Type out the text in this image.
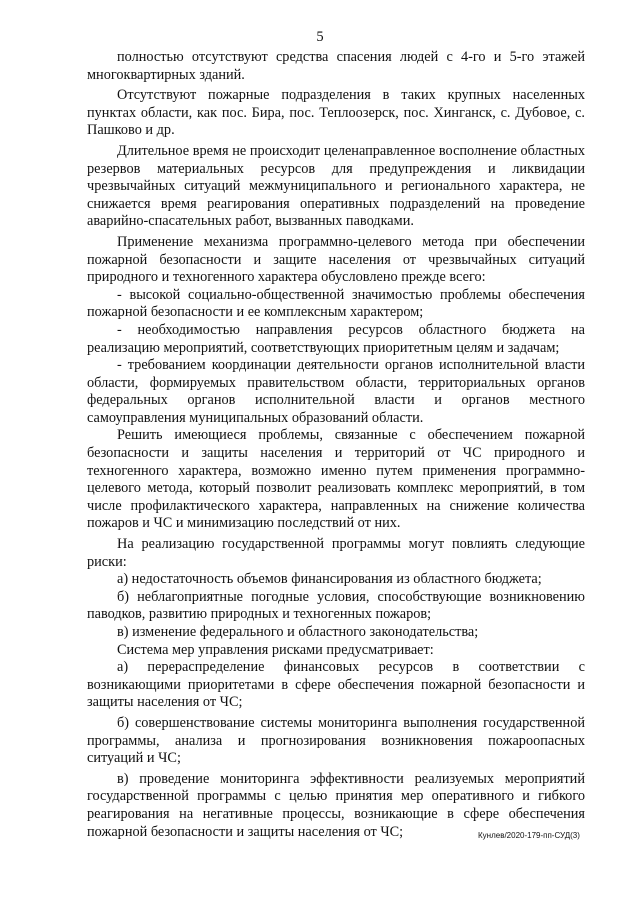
5

полностью отсутствуют средства спасения людей с 4-го и 5-го этажей многоквартирных зданий.

Отсутствуют пожарные подразделения в таких крупных населенных пунктах области, как пос. Бира, пос. Теплоозерск, пос. Хинганск, с. Дубовое, с. Пашково и др.

Длительное время не происходит целенаправленное восполнение областных резервов материальных ресурсов для предупреждения и ликвидации чрезвычайных ситуаций межмуниципального и регионального характера, не снижается время реагирования оперативных подразделений на проведение аварийно-спасательных работ, вызванных паводками.

Применение механизма программно-целевого метода при обеспечении пожарной безопасности и защите населения от чрезвычайных ситуаций природного и техногенного характера обусловлено прежде всего:

- высокой социально-общественной значимостью проблемы обеспечения пожарной безопасности и ее комплексным характером;

- необходимостью направления ресурсов областного бюджета на реализацию мероприятий, соответствующих приоритетным целям и задачам;

- требованием координации деятельности органов исполнительной власти области, формируемых правительством области, территориальных органов федеральных органов исполнительной власти и органов местного самоуправления муниципальных образований области.

Решить имеющиеся проблемы, связанные с обеспечением пожарной безопасности и защиты населения и территорий от ЧС природного и техногенного характера, возможно именно путем применения программно-целевого метода, который позволит реализовать комплекс мероприятий, в том числе профилактического характера, направленных на снижение количества пожаров и ЧС и минимизацию последствий от них.

На реализацию государственной программы могут повлиять следующие риски:

а) недостаточность объемов финансирования из областного бюджета;

б) неблагоприятные погодные условия, способствующие возникновению паводков, развитию природных и техногенных пожаров;

в) изменение федерального и областного законодательства;

Система мер управления рисками предусматривает:

а) перераспределение финансовых ресурсов в соответствии с возникающими приоритетами в сфере обеспечения пожарной безопасности и защиты населения от ЧС;

б) совершенствование системы мониторинга выполнения государственной программы, анализа и прогнозирования возникновения пожароопасных ситуаций и ЧС;

в) проведение мониторинга эффективности реализуемых мероприятий государственной программы с целью принятия мер оперативного и гибкого реагирования на негативные процессы, возникающие в сфере обеспечения пожарной безопасности и защиты населения от ЧС;	Кунлев/2020-179-пп-СУД(3)
